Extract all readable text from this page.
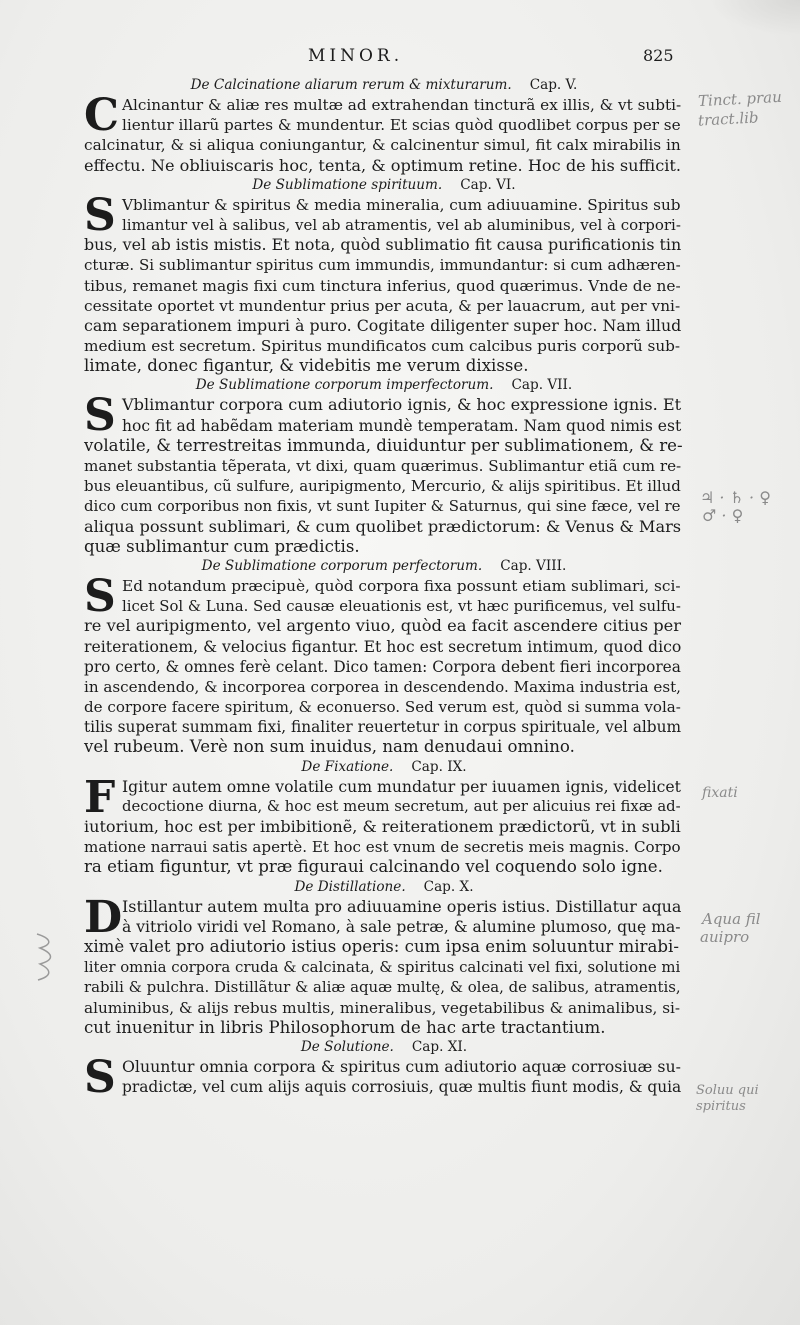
MINOR.	825
De Calcinatione aliarum rerum & mixturarum. Cap. V.
C Alcinantur & aliæ res multæ ad extrahendan tincturã ex illis, & vt subti-
lientur illarũ partes & mundentur. Et scias quòd quodlibet corpus per se
calcinatur, & si aliqua coniungantur, & calcinentur simul, fit calx mirabilis in
effectu. Ne obliuiscaris hoc, tenta, & optimum retine. Hoc de his sufficit.
De Sublimatione spirituum. Cap. VI.
S Vblimantur & spiritus & media mineralia, cum adiuuamine. Spiritus sub
limantur vel à salibus, vel ab atramentis, vel ab aluminibus, vel à corpori-
bus, vel ab istis mistis. Et nota, quòd sublimatio fit causa purificationis tin
cturæ. Si sublimantur spiritus cum immundis, immundantur: si cum adhæren-
tibus, remanet magis fixi cum tinctura inferius, quod quærimus. Vnde de ne-
cessitate oportet vt mundentur prius per acuta, & per lauacrum, aut per vni-
cam separationem impuri à puro. Cogitate diligenter super hoc. Nam illud
medium est secretum. Spiritus mundificatos cum calcibus puris corporũ sub-
limate, donec figantur, & videbitis me verum dixisse.
De Sublimatione corporum imperfectorum. Cap. VII.
S Vblimantur corpora cum adiutorio ignis, & hoc expressione ignis. Et
hoc fit ad habẽdam materiam mundè temperatam. Nam quod nimis est
volatile, & terrestreitas immunda, diuiduntur per sublimationem, & re-
manet substantia tẽperata, vt dixi, quam quærimus. Sublimantur etiã cum re-
bus eleuantibus, cũ sulfure, auripigmento, Mercurio, & alijs spiritibus. Et illud
dico cum corporibus non fixis, vt sunt Iupiter & Saturnus, qui sine fæce, vel re
aliqua possunt sublimari, & cum quolibet prædictorum: & Venus & Mars
quæ sublimantur cum prædictis.
De Sublimatione corporum perfectorum. Cap. VIII.
S Ed notandum præcipuè, quòd corpora fixa possunt etiam sublimari, sci-
licet Sol & Luna. Sed causæ eleuationis est, vt hæc purificemus, vel sulfu-
re vel auripigmento, vel argento viuo, quòd ea facit ascendere citius per
reiterationem, & velocius figantur. Et hoc est secretum intimum, quod dico
pro certo, & omnes ferè celant. Dico tamen: Corpora debent fieri incorporea
in ascendendo, & incorporea corporea in descendendo. Maxima industria est,
de corpore facere spiritum, & econuerso. Sed verum est, quòd si summa vola-
tilis superat summam fixi, finaliter reuertetur in corpus spirituale, vel album
vel rubeum. Verè non sum inuidus, nam denudaui omnino.
De Fixatione. Cap. IX.
F Igitur autem omne volatile cum mundatur per iuuamen ignis, videlicet
decoctione diurna, & hoc est meum secretum, aut per alicuius rei fixæ ad-
iutorium, hoc est per imbibitionẽ, & reiterationem prædictorũ, vt in subli
matione narraui satis apertè. Et hoc est vnum de secretis meis magnis. Corpo
ra etiam figuntur, vt præ figuraui calcinando vel coquendo solo igne.
De Distillatione. Cap. X.
D Istillantur autem multa pro adiuuamine operis istius. Distillatur aqua
à vitriolo viridi vel Romano, à sale petræ, & alumine plumoso, quę ma-
ximè valet pro adiutorio istius operis: cum ipsa enim soluuntur mirabi-
liter omnia corpora cruda & calcinata, & spiritus calcinati vel fixi, solutione mi
rabili & pulchra. Distillãtur & aliæ aquæ multę, & olea, de salibus, atramentis,
aluminibus, & alijs rebus multis, mineralibus, vegetabilibus & animalibus, si-
cut inuenitur in libris Philosophorum de hac arte tractantium.
De Solutione. Cap. XI.
S Oluuntur omnia corpora & spiritus cum adiutorio aquæ corrosiuæ su-
pradictæ, vel cum alijs aquis corrosiuis, quæ multis fiunt modis, & quia
Tinct. prau
tract.lib
♃ · ♄ · ♀
♂ · ♀
fixati
Aqua fil
auipro
Soluu qui
spiritus
